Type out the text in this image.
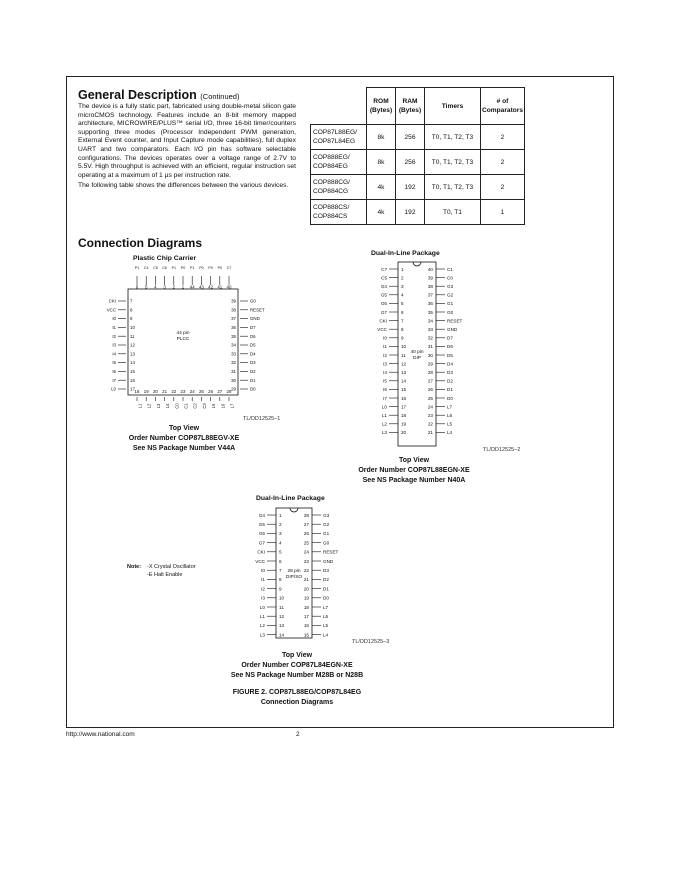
General Description (Continued)

The device is a fully static part, fabricated using double-metal silicon gate microCMOS technology. Features include an 8-bit memory mapped architecture, MICROWIRE/PLUS™ serial I/O, three 16-bit timer/counters supporting three modes (Processor Independent PWM generation, External Event counter, and Input Capture mode capabilities), full duplex UART and two comparators. Each I/O pin has software selectable configurations. The devices operates over a voltage range of 2.7V to 5.5V. High throughput is achieved with an efficient, regular instruction set operating at a maximum of 1 µs per instruction rate.

The following table shows the differences between the various devices.

	ROM (Bytes)	RAM (Bytes)	Timers	# of Comparators
COP87L88EG/ COP87L84EG	8k	256	T0, T1, T2, T3	2
COP888EG/ COP884EG	8k	256	T0, T1, T2, T3	2
COP888CG/ COP884CG	4k	192	T0, T1, T2, T3	2
COP888CS/ COP884CS	4k	192	T0, T1	1
Connection Diagrams
Plastic Chip Carrier
P1
6
C4
5
C5
4
C6
3
P1
2
P0
1
P1
44
P0
43
P0
42
P0
41
C7
40
CKI	7
VCC	8
I0	9
I1	10
I2	11
I3	12
I4	13
I5	14
I6	15
I7	16
L0	17
39	G0
38	RESET
37	GND
36	D7
35	D6
34	D5
33	D4
32	D3
31	D2
30	D1
29	D0
18
L1
19
L2
20
L3
21
L4
22
C0
23
C1
24
C2
25
C3
26
L5
27
L6
28
L7
44 pin
PLCC
TL/DD12525–1
Top View
Order Number COP87L88EGV-XE
See NS Package Number V44A
Dual-In-Line Package
C7	1	C1
40
C5	2	C0
39
G4	3	G3
38
G5	4	G2
37
G6	5	G1
36
G7	6	G0
35
CKI	7	RESET
34
VCC	8	GND
33
I0	9	D7
32
I1	10	D6
31
I2	11	D5
30
I3	12	D4
29
I4	13	D3
28
I5	14	D2
27
I6	15	D1
26
I7	16	D0
25
L0	17	L7
24
L1	18	L6
23
L2	19	L5
22
L3	20	L4
21
40 pin
DIP
TL/DD12525–2
Top View
Order Number COP87L88EGN-XE
See NS Package Number N40A
Dual-In-Line Package
G4	1	G3
28
G5	2	G2
27
G6	3	G1
26
G7	4	G0
25
CKI	5	RESET
24
VCC	6	GND
23
I0	7	D3
22
I1	8	D2
21
I2	9	D1
20
I3	10	D0
19
L0	11	L7
18
L1	12	L6
17
L2	13	L5
16
L3	14	L4
15
28 pin
DIP/SO
TL/DD12525–3
Top View
Order Number COP87L84EGN-XE
See NS Package Number M28B or N28B
Note: -X Crystal Oscillator
-E Halt Enable
FIGURE 2. COP87L88EG/COP87L84EG
Connection Diagrams
http://www.national.com	2
